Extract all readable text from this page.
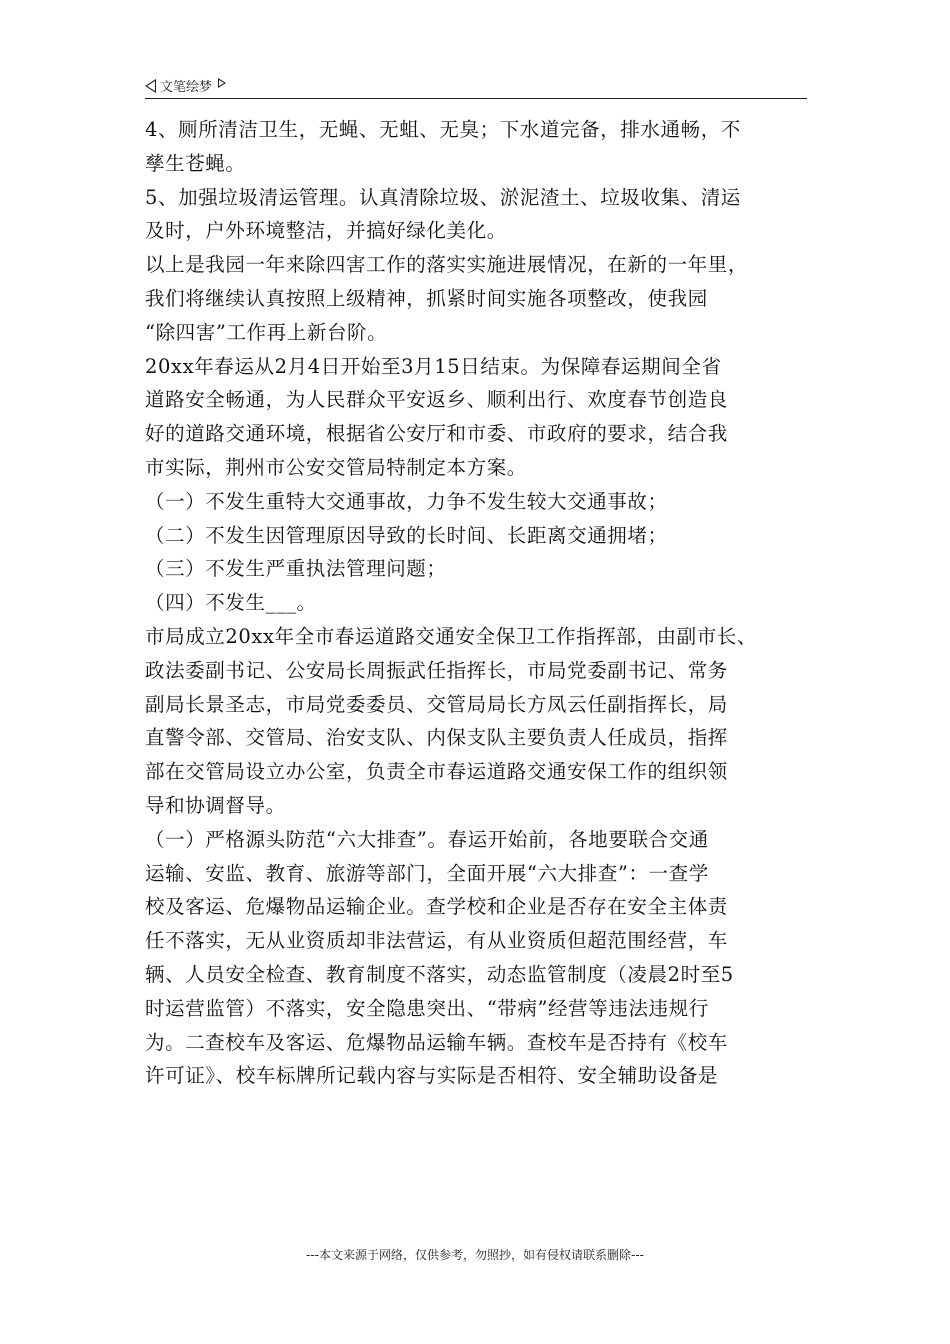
文笔绘梦
4、厕所清洁卫生，无蝇、无蛆、无臭；下水道完备，排水通畅，不
孳生苍蝇。
5、加强垃圾清运管理。认真清除垃圾、淤泥渣土、垃圾收集、清运
及时，户外环境整洁，并搞好绿化美化。
以上是我园一年来除四害工作的落实实施进展情况，在新的一年里，
我们将继续认真按照上级精神，抓紧时间实施各项整改，使我园
“除四害”工作再上新台阶。
20xx年春运从2月4日开始至3月15日结束。为保障春运期间全省
道路安全畅通，为人民群众平安返乡、顺利出行、欢度春节创造良
好的道路交通环境，根据省公安厅和市委、市政府的要求，结合我
市实际，荆州市公安交管局特制定本方案。
（一）不发生重特大交通事故，力争不发生较大交通事故；
（二）不发生因管理原因导致的长时间、长距离交通拥堵；
（三）不发生严重执法管理问题；
（四）不发生___。
市局成立20xx年全市春运道路交通安全保卫工作指挥部，由副市长、
政法委副书记、公安局长周振武任指挥长，市局党委副书记、常务
副局长景圣志，市局党委委员、交管局局长方凤云任副指挥长，局
直警令部、交管局、治安支队、内保支队主要负责人任成员，指挥
部在交管局设立办公室，负责全市春运道路交通安保工作的组织领
导和协调督导。
（一）严格源头防范“六大排查”。春运开始前，各地要联合交通
运输、安监、教育、旅游等部门，全面开展“六大排查”：一查学
校及客运、危爆物品运输企业。查学校和企业是否存在安全主体责
任不落实，无从业资质却非法营运，有从业资质但超范围经营，车
辆、人员安全检查、教育制度不落实，动态监管制度（凌晨2时至5
时运营监管）不落实，安全隐患突出、“带病”经营等违法违规行
为。二查校车及客运、危爆物品运输车辆。查校车是否持有《校车
许可证》、校车标牌所记载内容与实际是否相符、安全辅助设备是
---本文来源于网络，仅供参考，勿照抄，如有侵权请联系删除---
